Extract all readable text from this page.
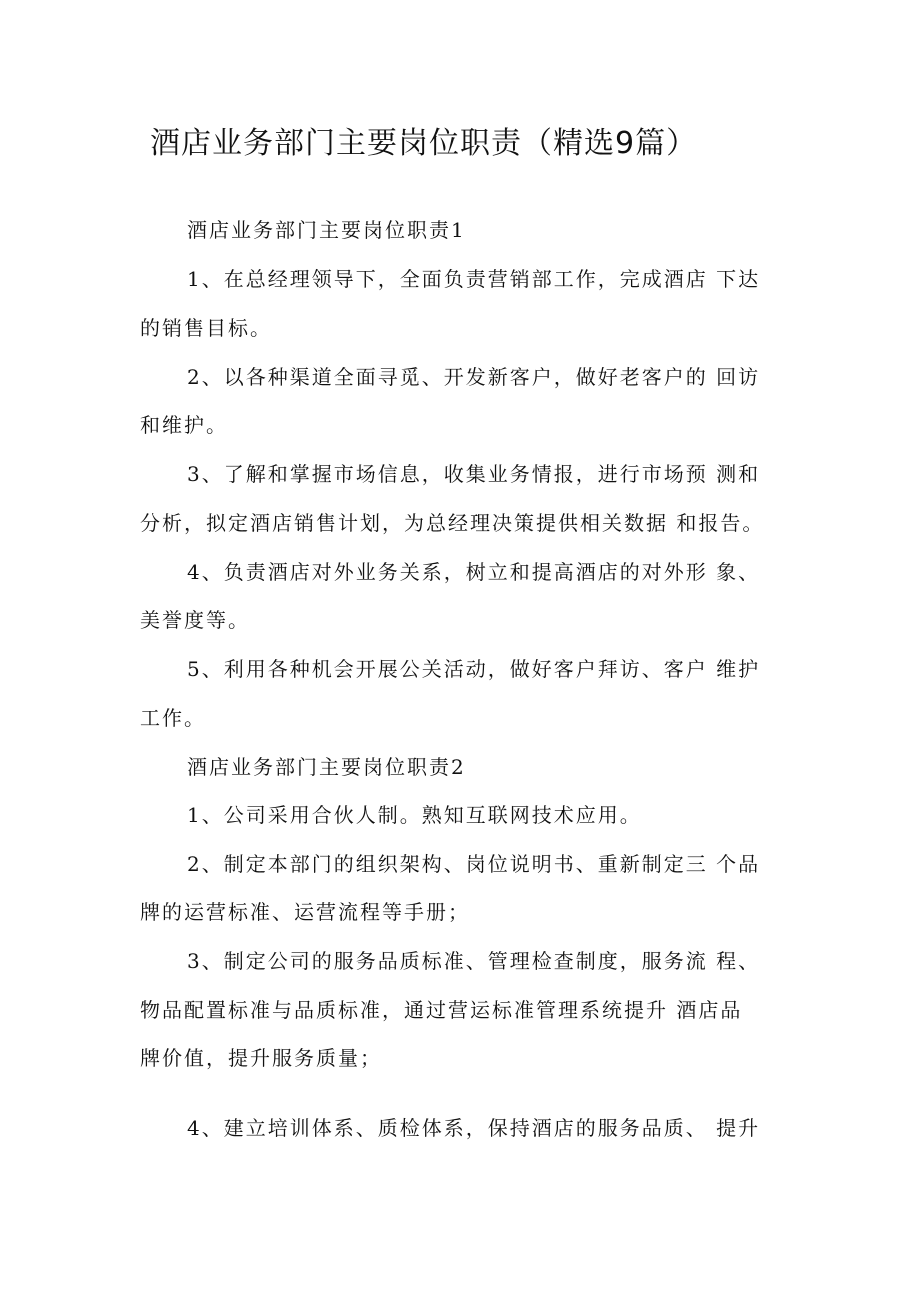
酒店业务部门主要岗位职责（精选9篇）
酒店业务部门主要岗位职责1
1、在总经理领导下，全面负责营销部工作，完成酒店 下达
的销售目标。
2、以各种渠道全面寻觅、开发新客户，做好老客户的 回访
和维护。
3、了解和掌握市场信息，收集业务情报，进行市场预 测和
分析，拟定酒店销售计划，为总经理决策提供相关数据 和报告。
4、负责酒店对外业务关系，树立和提高酒店的对外形 象、
美誉度等。
5、利用各种机会开展公关活动，做好客户拜访、客户 维护
工作。
酒店业务部门主要岗位职责2
1、公司采用合伙人制。熟知互联网技术应用。
2、制定本部门的组织架构、岗位说明书、重新制定三 个品
牌的运营标准、运营流程等手册；
3、制定公司的服务品质标准、管理检查制度，服务流 程、
物品配置标准与品质标准，通过营运标准管理系统提升 酒店品
牌价值，提升服务质量；
4、建立培训体系、质检体系，保持酒店的服务品质、 提升
